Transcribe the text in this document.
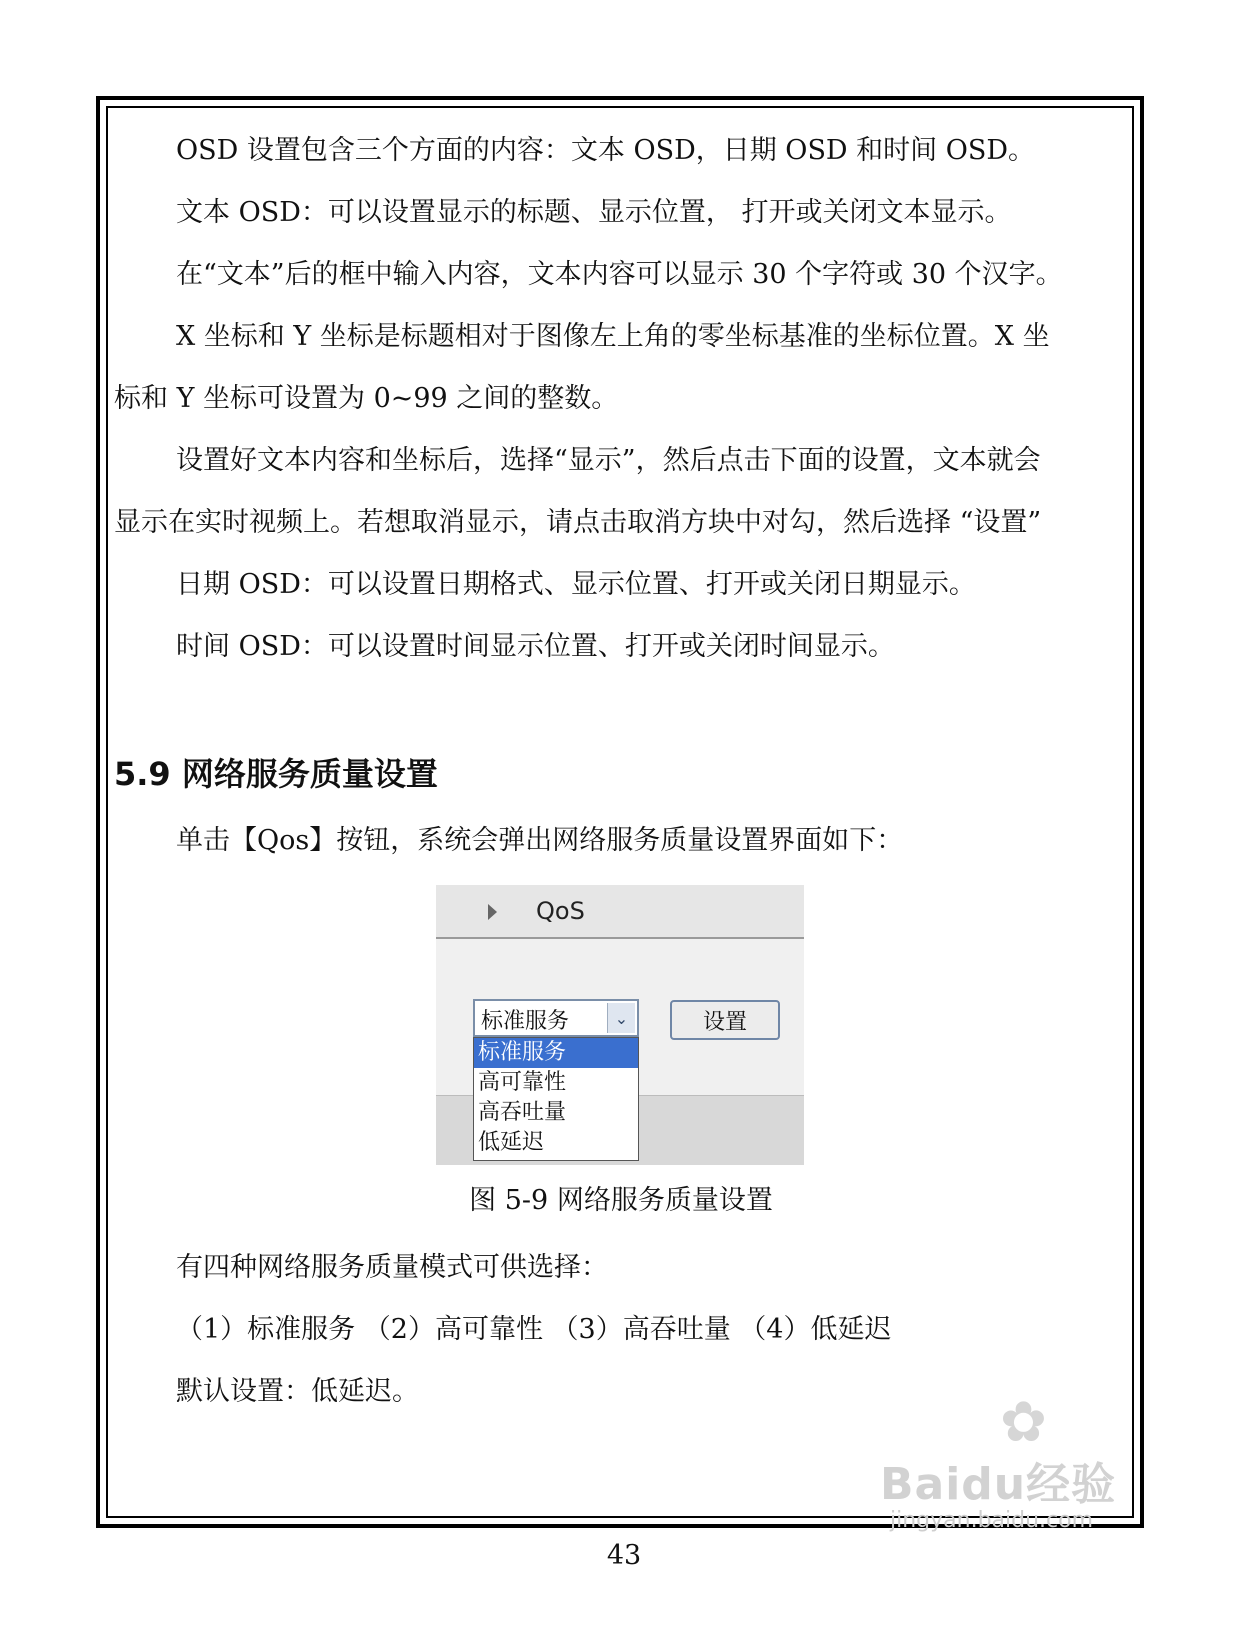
OSD 设置包含三个方面的内容：文本 OSD，日期 OSD 和时间 OSD。

文本 OSD：可以设置显示的标题、显示位置， 打开或关闭文本显示。

在“文本”后的框中输入内容，文本内容可以显示 30 个字符或 30 个汉字。

X 坐标和 Y 坐标是标题相对于图像左上角的零坐标基准的坐标位置。X 坐

标和 Y 坐标可设置为 0~99 之间的整数。

设置好文本内容和坐标后，选择“显示”，然后点击下面的设置，文本就会

显示在实时视频上。若想取消显示，请点击取消方块中对勾，然后选择 “设置”

日期 OSD：可以设置日期格式、显示位置、打开或关闭日期显示。

时间 OSD：可以设置时间显示位置、打开或关闭时间显示。

5.9 网络服务质量设置

单击【Qos】按钮，系统会弹出网络服务质量设置界面如下：

QoS
标准服务	⌄	设置
标准服务
高可靠性
高吞吐量
低延迟
图 5-9 网络服务质量设置

有四种网络服务质量模式可供选择：

（1）标准服务 （2）高可靠性 （3）高吞吐量 （4）低延迟

默认设置：低延迟。

43
✿
Baidu经验
jingyan.baidu.com
